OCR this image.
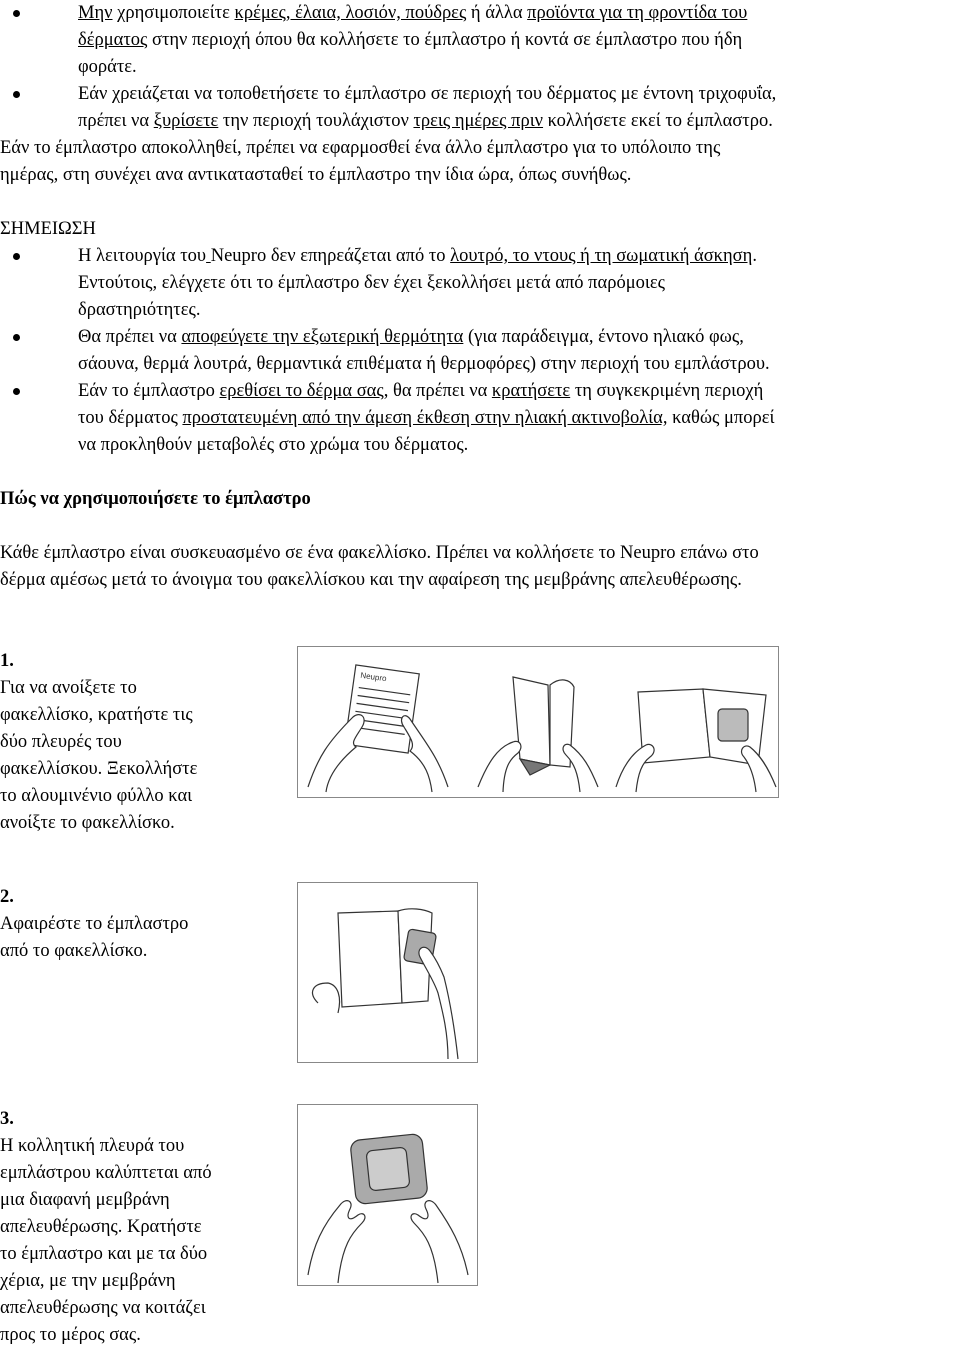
Μην χρησιμοποιείτε κρέμες, έλαια, λοσιόν, πούδρες ή άλλα προϊόντα για τη φροντίδα του
δέρματος στην περιοχή όπου θα κολλήσετε το έμπλαστρο ή κοντά σε έμπλαστρο που ήδη
φοράτε.
Εάν χρειάζεται να τοποθετήσετε το έμπλαστρο σε περιοχή του δέρματος με έντονη τριχοφυΐα,
πρέπει να ξυρίσετε την περιοχή τουλάχιστον τρεις ημέρες πριν κολλήσετε εκεί το έμπλαστρο.
Εάν το έμπλαστρο αποκολληθεί, πρέπει να εφαρμοσθεί ένα άλλο έμπλαστρο για το υπόλοιπο της
ημέρας, στη συνέχει ανα αντικατασταθεί το έμπλαστρο την ίδια ώρα, όπως συνήθως.
ΣΗΜΕΙΩΣΗ
Η λειτουργία του Neupro δεν επηρεάζεται από το λουτρό, το ντους ή τη σωματική άσκηση.
Εντούτοις, ελέγχετε ότι το έμπλαστρο δεν έχει ξεκολλήσει μετά από παρόμοιες
δραστηριότητες.
Θα πρέπει να αποφεύγετε την εξωτερική θερμότητα (για παράδειγμα, έντονο ηλιακό φως,
σάουνα, θερμά λουτρά, θερμαντικά επιθέματα ή θερμοφόρες) στην περιοχή του εμπλάστρου.
Εάν το έμπλαστρο ερεθίσει το δέρμα σας, θα πρέπει να κρατήσετε τη συγκεκριμένη περιοχή
του δέρματος προστατευμένη από την άμεση έκθεση στην ηλιακή ακτινοβολία, καθώς μπορεί
να προκληθούν μεταβολές στο χρώμα του δέρματος.
Πώς να χρησιμοποιήσετε το έμπλαστρο
Κάθε έμπλαστρο είναι συσκευασμένο σε ένα φακελλίσκο. Πρέπει να κολλήσετε το Neupro επάνω στο
δέρμα αμέσως μετά το άνοιγμα του φακελλίσκου και την αφαίρεση της μεμβράνης απελευθέρωσης.
1.
Για να ανοίξετε το
φακελλίσκο, κρατήστε τις
δύο πλευρές του
φακελλίσκου. Ξεκολλήστε
το αλουμινένιο φύλλο και
ανοίξτε το φακελλίσκο.
Neupro
2.
Αφαιρέστε το έμπλαστρο
από το φακελλίσκο.
3.
Η κολλητική πλευρά του
εμπλάστρου καλύπτεται από
μια διαφανή μεμβράνη
απελευθέρωσης. Κρατήστε
το έμπλαστρο και με τα δύο
χέρια, με την μεμβράνη
απελευθέρωσης να κοιτάζει
προς το μέρος σας.
